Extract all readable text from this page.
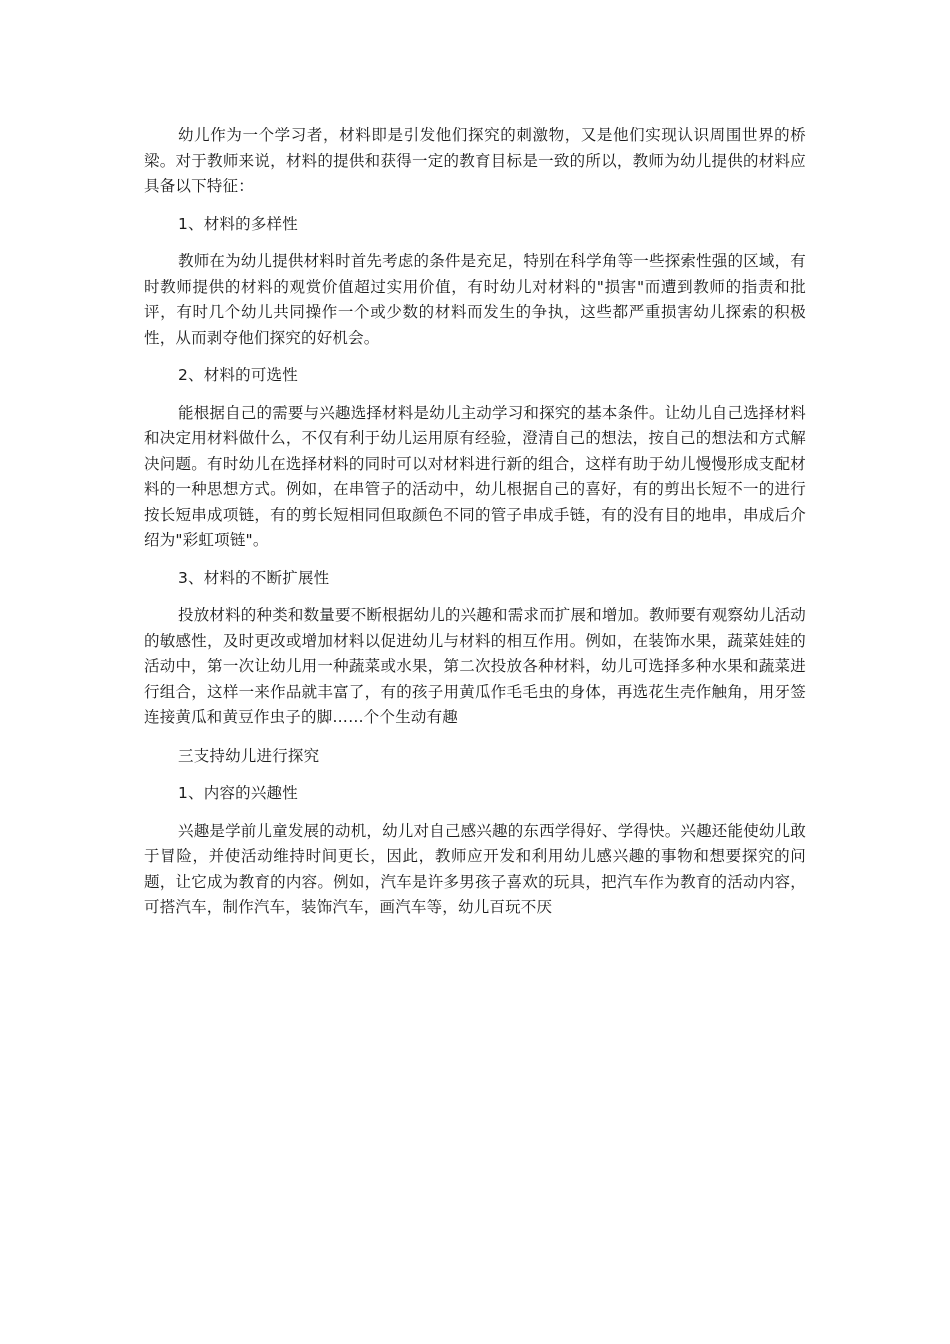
幼儿作为一个学习者，材料即是引发他们探究的刺激物，又是他们实现认识周围世界的桥梁。对于教师来说，材料的提供和获得一定的教育目标是一致的所以，教师为幼儿提供的材料应具备以下特征：

1、材料的多样性

教师在为幼儿提供材料时首先考虑的条件是充足，特别在科学角等一些探索性强的区域，有时教师提供的材料的观赏价值超过实用价值，有时幼儿对材料的"损害"而遭到教师的指责和批评，有时几个幼儿共同操作一个或少数的材料而发生的争执，这些都严重损害幼儿探索的积极性，从而剥夺他们探究的好机会。

2、材料的可选性

能根据自己的需要与兴趣选择材料是幼儿主动学习和探究的基本条件。让幼儿自己选择材料和决定用材料做什么，不仅有利于幼儿运用原有经验，澄清自己的想法，按自己的想法和方式解决问题。有时幼儿在选择材料的同时可以对材料进行新的组合，这样有助于幼儿慢慢形成支配材料的一种思想方式。例如，在串管子的活动中，幼儿根据自己的喜好，有的剪出长短不一的进行按长短串成项链，有的剪长短相同但取颜色不同的管子串成手链，有的没有目的地串，串成后介绍为"彩虹项链"。

3、材料的不断扩展性

投放材料的种类和数量要不断根据幼儿的兴趣和需求而扩展和增加。教师要有观察幼儿活动的敏感性，及时更改或增加材料以促进幼儿与材料的相互作用。例如，在装饰水果，蔬菜娃娃的活动中，第一次让幼儿用一种蔬菜或水果，第二次投放各种材料，幼儿可选择多种水果和蔬菜进行组合，这样一来作品就丰富了，有的孩子用黄瓜作毛毛虫的身体，再选花生壳作触角，用牙签连接黄瓜和黄豆作虫子的脚……个个生动有趣

三支持幼儿进行探究

1、内容的兴趣性

兴趣是学前儿童发展的动机，幼儿对自己感兴趣的东西学得好、学得快。兴趣还能使幼儿敢于冒险，并使活动维持时间更长，因此，教师应开发和利用幼儿感兴趣的事物和想要探究的问题，让它成为教育的内容。例如，汽车是许多男孩子喜欢的玩具，把汽车作为教育的活动内容，可搭汽车，制作汽车，装饰汽车，画汽车等，幼儿百玩不厌
